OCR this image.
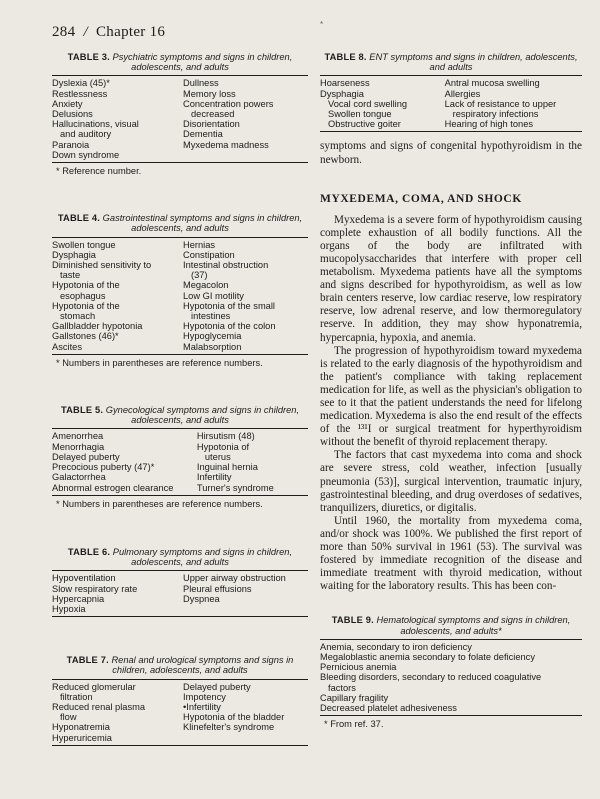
284 / Chapter 16	*
TABLE 3. Psychiatric symptoms and signs in children, adolescents, and adults
Dyslexia (45)*
Restlessness
Anxiety
Delusions
Hallucinations, visual
and auditory
Paranoia
Down syndrome
Dullness
Memory loss
Concentration powers
decreased
Disorientation
Dementia
Myxedema madness
* Reference number.
TABLE 4. Gastrointestinal symptoms and signs in children, adolescents, and adults
Swollen tongue
Dysphagia
Diminished sensitivity to
taste
Hypotonia of the
esophagus
Hypotonia of the
stomach
Gallbladder hypotonia
Gallstones (46)*
Ascites
Hernias
Constipation
Intestinal obstruction
(37)
Megacolon
Low GI motility
Hypotonia of the small
intestines
Hypotonia of the colon
Hypoglycemia
Malabsorption
* Numbers in parentheses are reference numbers.
TABLE 5. Gynecological symptoms and signs in children, adolescents, and adults
Amenorrhea
Menorrhagia
Delayed puberty
Precocious puberty (47)*
Galactorrhea
Abnormal estrogen clearance
Hirsutism (48)
Hypotonia of
uterus
Inguinal hernia
Infertility
Turner's syndrome
* Numbers in parentheses are reference numbers.
TABLE 6. Pulmonary symptoms and signs in children, adolescents, and adults
Hypoventilation
Slow respiratory rate
Hypercapnia
Hypoxia
Upper airway obstruction
Pleural effusions
Dyspnea
TABLE 7. Renal and urological symptoms and signs in children, adolescents, and adults
Reduced glomerular
filtration
Reduced renal plasma
flow
Hyponatremia
Hyperuricemia
Delayed puberty
Impotency
•Infertility
Hypotonia of the bladder
Klinefelter's syndrome
TABLE 8. ENT symptoms and signs in children, adolescents, and adults
Hoarseness
Dysphagia
Vocal cord swelling
Swollen tongue
Obstructive goiter
Antral mucosa swelling
Allergies
Lack of resistance to upper
respiratory infections
Hearing of high tones

symptoms and signs of congenital hypothyroidism in the newborn.

MYXEDEMA, COMA, AND SHOCK

Myxedema is a severe form of hypothyroidism causing complete exhaustion of all bodily functions. All the organs of the body are infiltrated with mucopolysaccharides that interfere with proper cell metabolism. Myxedema patients have all the symptoms and signs described for hypothyroidism, as well as low brain centers reserve, low cardiac reserve, low respiratory reserve, low adrenal reserve, and low thermoregulatory reserve. In addition, they may show hyponatremia, hypercapnia, hypoxia, and anemia.

The progression of hypothyroidism toward myxedema is related to the early diagnosis of the hypothyroidism and the patient's compliance with taking replacement medication for life, as well as the physician's obligation to see to it that the patient understands the need for lifelong medication. Myxedema is also the end result of the effects of the ¹³¹I or surgical treatment for hyperthyroidism without the benefit of thyroid replacement therapy.

The factors that cast myxedema into coma and shock are severe stress, cold weather, infection [usually pneumonia (53)], surgical intervention, traumatic injury, gastrointestinal bleeding, and drug overdoses of sedatives, tranquilizers, diuretics, or digitalis.

Until 1960, the mortality from myxedema coma, and/or shock was 100%. We published the first report of more than 50% survival in 1961 (53). The survival was fostered by immediate recognition of the disease and immediate treatment with thyroid medication, without waiting for the laboratory results. This has been con-

TABLE 9. Hematological symptoms and signs in children, adolescents, and adults*
Anemia, secondary to iron deficiency
Megaloblastic anemia secondary to folate deficiency
Pernicious anemia
Bleeding disorders, secondary to reduced coagulative
factors
Capillary fragility
Decreased platelet adhesiveness
* From ref. 37.
